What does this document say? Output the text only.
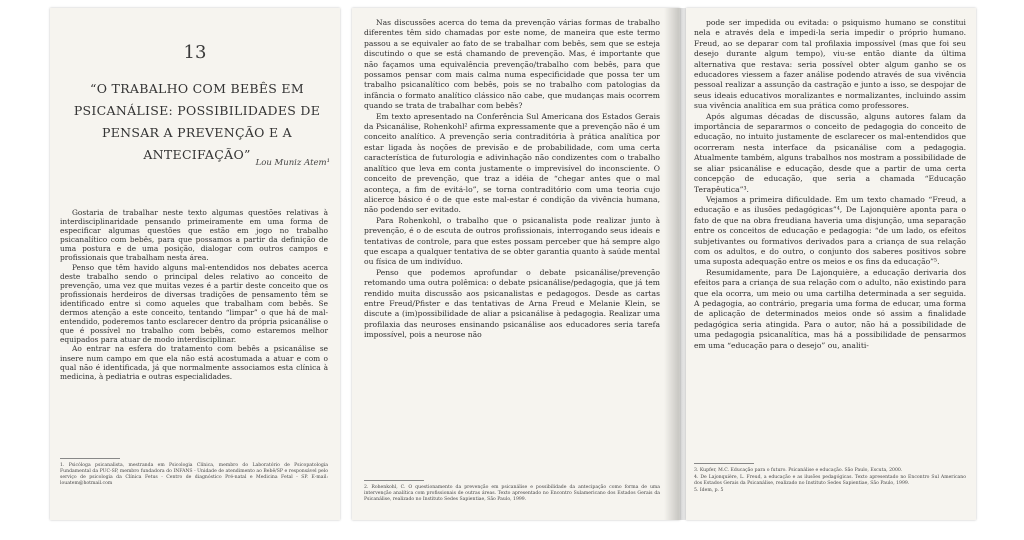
13
“O TRABALHO COM BEBÊS EM PSICANÁLISE: POSSIBILIDADES DE PENSAR A PREVENÇÃO E A ANTECIFAÇÃO”
Lou Muniz Atem¹

Gostaria de trabalhar neste texto algumas questões relativas à interdisciplinaridade pensando primeiramente em uma forma de especificar algumas questões que estão em jogo no trabalho psicanalítico com bebês, para que possamos a partir da definição de uma postura e de uma posição, dialogar com outros campos e profissionais que trabalham nesta área.

Penso que têm havido alguns mal-entendidos nos debates acerca deste trabalho sendo o principal deles relativo ao conceito de prevenção, uma vez que muitas vezes é a partir deste conceito que os profissionais herdeiros de diversas tradições de pensamento têm se identificado entre si como aqueles que trabalham com bebês. Se dermos atenção a este conceito, tentando “limpar” o que há de mal-entendido, poderemos tanto esclarecer dentro da própria psicanálise o que é possível no trabalho com bebês, como estaremos melhor equipados para atuar de modo interdisciplinar.

Ao entrar na esfera do tratamento com bebês a psicanálise se insere num campo em que ela não está acostumada a atuar e com o qual não é identificada, já que normalmente associamos esta clínica à medicina, à pediatria e outras especialidades.

1. Psicóloga psicanalista, mestranda em Psicologia Clínica, membro do Laboratório de Psicopatologia Fundamental da PUC-SP, membro fundadora do INFANS - Unidade de atendimento ao Bebê/SP e responsável pelo serviço de psicologia da Clínica Fetus - Centro de diagnóstico Pré-natal e Medicina Fetal - SP. E-mail: louatem@hotmail.com

Nas discussões acerca do tema da prevenção várias formas de trabalho diferentes têm sido chamadas por este nome, de maneira que este termo passou a se equivaler ao fato de se trabalhar com bebês, sem que se esteja discutindo o que se está chamando de prevenção. Mas, é importante que não façamos uma equivalência prevenção/trabalho com bebês, para que possamos pensar com mais calma numa especificidade que possa ter um trabalho psicanalítico com bebês, pois se no trabalho com patologias da infância o formato analítico clássico não cabe, que mudanças mais ocorrem quando se trata de trabalhar com bebês?

Em texto apresentado na Conferência Sul Americana dos Estados Gerais da Psicanálise, Rohenkohl² afirma expressamente que a prevenção não é um conceito analítico. A prevenção seria contraditória à prática analítica por estar ligada às noções de previsão e de probabilidade, com uma certa característica de futurologia e adivinhação não condizentes com o trabalho analítico que leva em conta justamente o imprevisível do inconsciente. O conceito de prevenção, que traz a idéia de “chegar antes que o mal aconteça, a fim de evitá-lo”, se torna contraditório com uma teoria cujo alicerce básico é o de que este mal-estar é condição da vivência humana, não podendo ser evitado.

Para Rohenkohl, o trabalho que o psicanalista pode realizar junto à prevenção, é o de escuta de outros profissionais, interrogando seus ideais e tentativas de controle, para que estes possam perceber que há sempre algo que escapa a qualquer tentativa de se obter garantia quanto à saúde mental ou física de um indivíduo.

Penso que podemos aprofundar o debate psicanálise/prevenção retomando uma outra polêmica: o debate psicanálise/pedagogia, que já tem rendido muita discussão aos psicanalistas e pedagogos. Desde as cartas entre Freud/Pfister e das tentativas de Arna Freud e Melanie Klein, se discute a (im)possibilidade de aliar a psicanálise à pedagogia. Realizar uma profilaxia das neuroses ensinando psicanálise aos educadores seria tarefa impossível, pois a neurose não

2. Rohenkohl, C. O questionamento da prevenção em psicanálise e possibilidade da antecipação como forma de uma intervenção analítica com profissionais de outras áreas. Texto apresentado no Encontro Sulamericano dos Estados Gerais da Psicanálise, realizado no Instituto Sedes Sapientiae, São Paulo, 1999.

pode ser impedida ou evitada: o psiquismo humano se constitui nela e através dela e impedi-la seria impedir o próprio humano. Freud, ao se deparar com tal profilaxia impossível (mas que foi seu desejo durante algum tempo), viu-se então diante da última alternativa que restava: seria possível obter algum ganho se os educadores viessem a fazer análise podendo através de sua vivência pessoal realizar a assunção da castração e junto a isso, se despojar de seus ideais educativos moralizantes e normalizantes, incluindo assim sua vivência analítica em sua prática como professores.

Após algumas décadas de discussão, alguns autores falam da importância de separarmos o conceito de pedagogia do conceito de educação, no intuito justamente de esclarecer os mal-entendidos que ocorreram nesta interface da psicanálise com a pedagogia. Atualmente também, alguns trabalhos nos mostram a possibilidade de se aliar psicanálise e educação, desde que a partir de uma certa concepção de educação, que seria a chamada “Educação Terapêutica”³.

Vejamos a primeira dificuldade. Em um texto chamado “Freud, a educação e as ilusões pedagógicas”⁴, De Lajonquière aponta para o fato de que na obra freudiana haveria uma disjunção, uma separação entre os conceitos de educação e pedagogia: “de um lado, os efeitos subjetivantes ou formativos derivados para a criança de sua relação com os adultos, e do outro, o conjunto dos saberes positivos sobre uma suposta adequação entre os meios e os fins da educação”⁵.

Resumidamente, para De Lajonquière, a educação derivaria dos efeitos para a criança de sua relação com o adulto, não existindo para que ela ocorra, um meio ou uma cartilha determinada a ser seguida. A pedagogia, ao contrário, pregaria uma forma de educar, uma forma de aplicação de determinados meios onde só assim a finalidade pedagógica seria atingida. Para o autor, não há a possibilidade de uma pedagogia psicanalítica, mas há a possibilidade de pensarmos em uma “educação para o desejo” ou, analiti-

3. Kupfer, M.C. Educação para o futuro. Psicanálise e educação. São Paulo, Escuta, 2000.

4. De Lajonquière, L. Freud, a educação e as ilusões pedagógicas. Texto apresentado no Encontro Sul Americano dos Estados Gerais da Psicanálise, realizado no Instituto Sedes Sapientiae, São Paulo, 1999.

5. Idem, p. 5
